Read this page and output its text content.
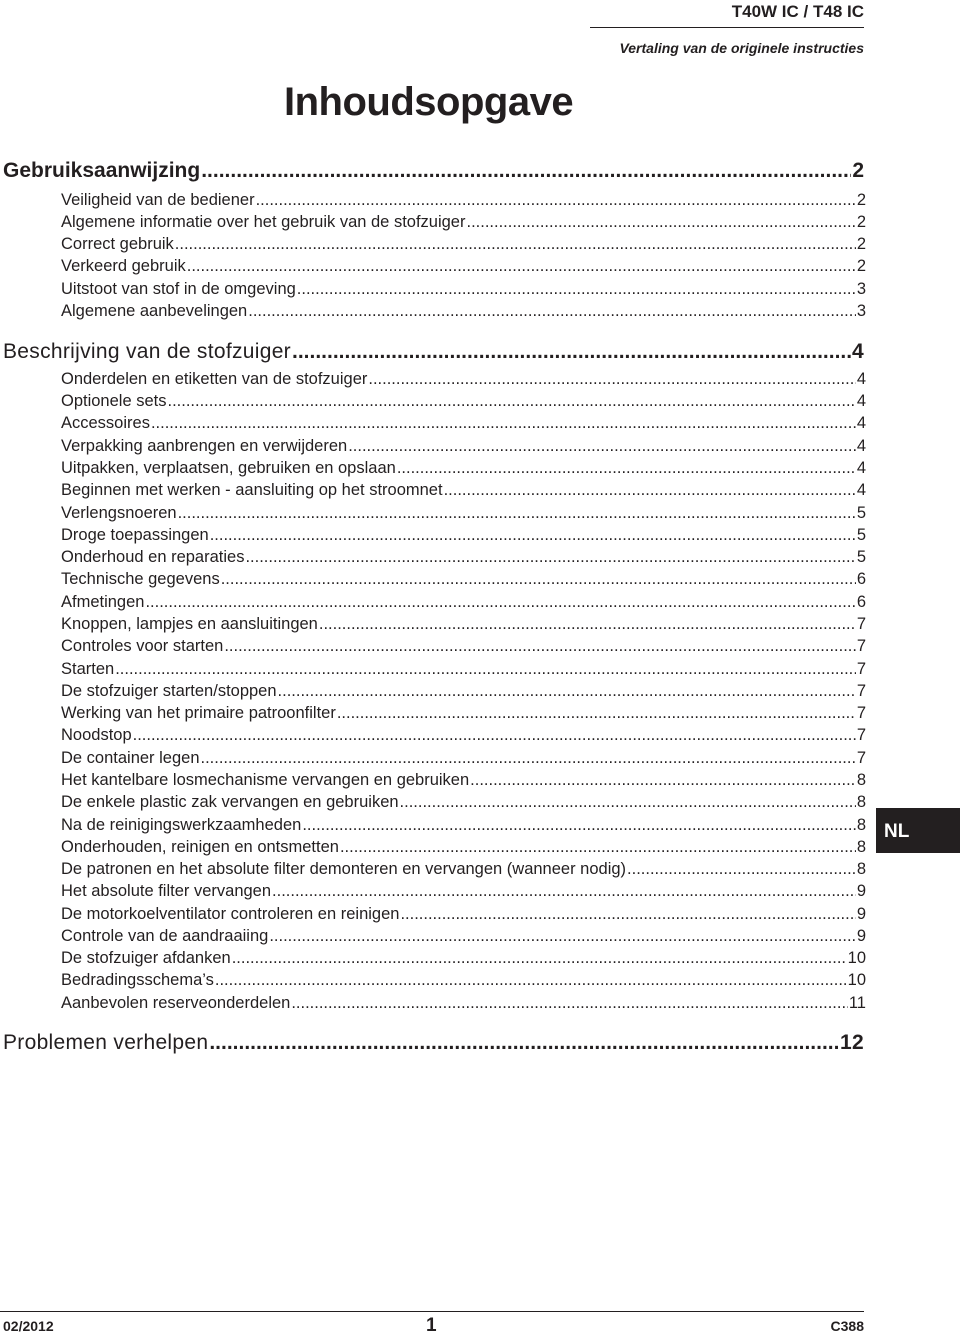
T40W IC / T48 IC
Vertaling van de originele instructies
Inhoudsopgave
Gebruiksaanwijzing .....	2
Veiligheid van de bediener .....	2
Algemene informatie over het gebruik van de stofzuiger .....	2
Correct gebruik .....	2
Verkeerd gebruik .....	2
Uitstoot van stof in de omgeving .....	3
Algemene aanbevelingen .....	3
Beschrijving van de stofzuiger .....	4
Onderdelen en etiketten van de stofzuiger .....	4
Optionele sets .....	4
Accessoires .....	4
Verpakking aanbrengen en verwijderen .....	4
Uitpakken, verplaatsen, gebruiken en opslaan .....	4
Beginnen met werken - aansluiting op het stroomnet .....	4
Verlengsnoeren .....	5
Droge toepassingen .....	5
Onderhoud en reparaties .....	5
Technische gegevens .....	6
Afmetingen .....	6
Knoppen, lampjes en aansluitingen .....	7
Controles voor starten .....	7
Starten .....	7
De stofzuiger starten/stoppen .....	7
Werking van het primaire patroonfilter .....	7
Noodstop .....	7
De container legen .....	7
Het kantelbare losmechanisme vervangen en gebruiken .....	8
De enkele plastic zak vervangen en gebruiken .....	8
Na de reinigingswerkzaamheden .....	8
Onderhouden, reinigen en ontsmetten .....	8
De patronen en het absolute filter demonteren en vervangen (wanneer nodig) .....	8
Het absolute filter vervangen .....	9
De motorkoelventilator controleren en reinigen .....	9
Controle van de aandraaiing .....	9
De stofzuiger afdanken .....	10
Bedradingsschema’s .....	10
Aanbevolen reserveonderdelen .....	11
Problemen verhelpen .....	12
NL
02/2012	1	C388
